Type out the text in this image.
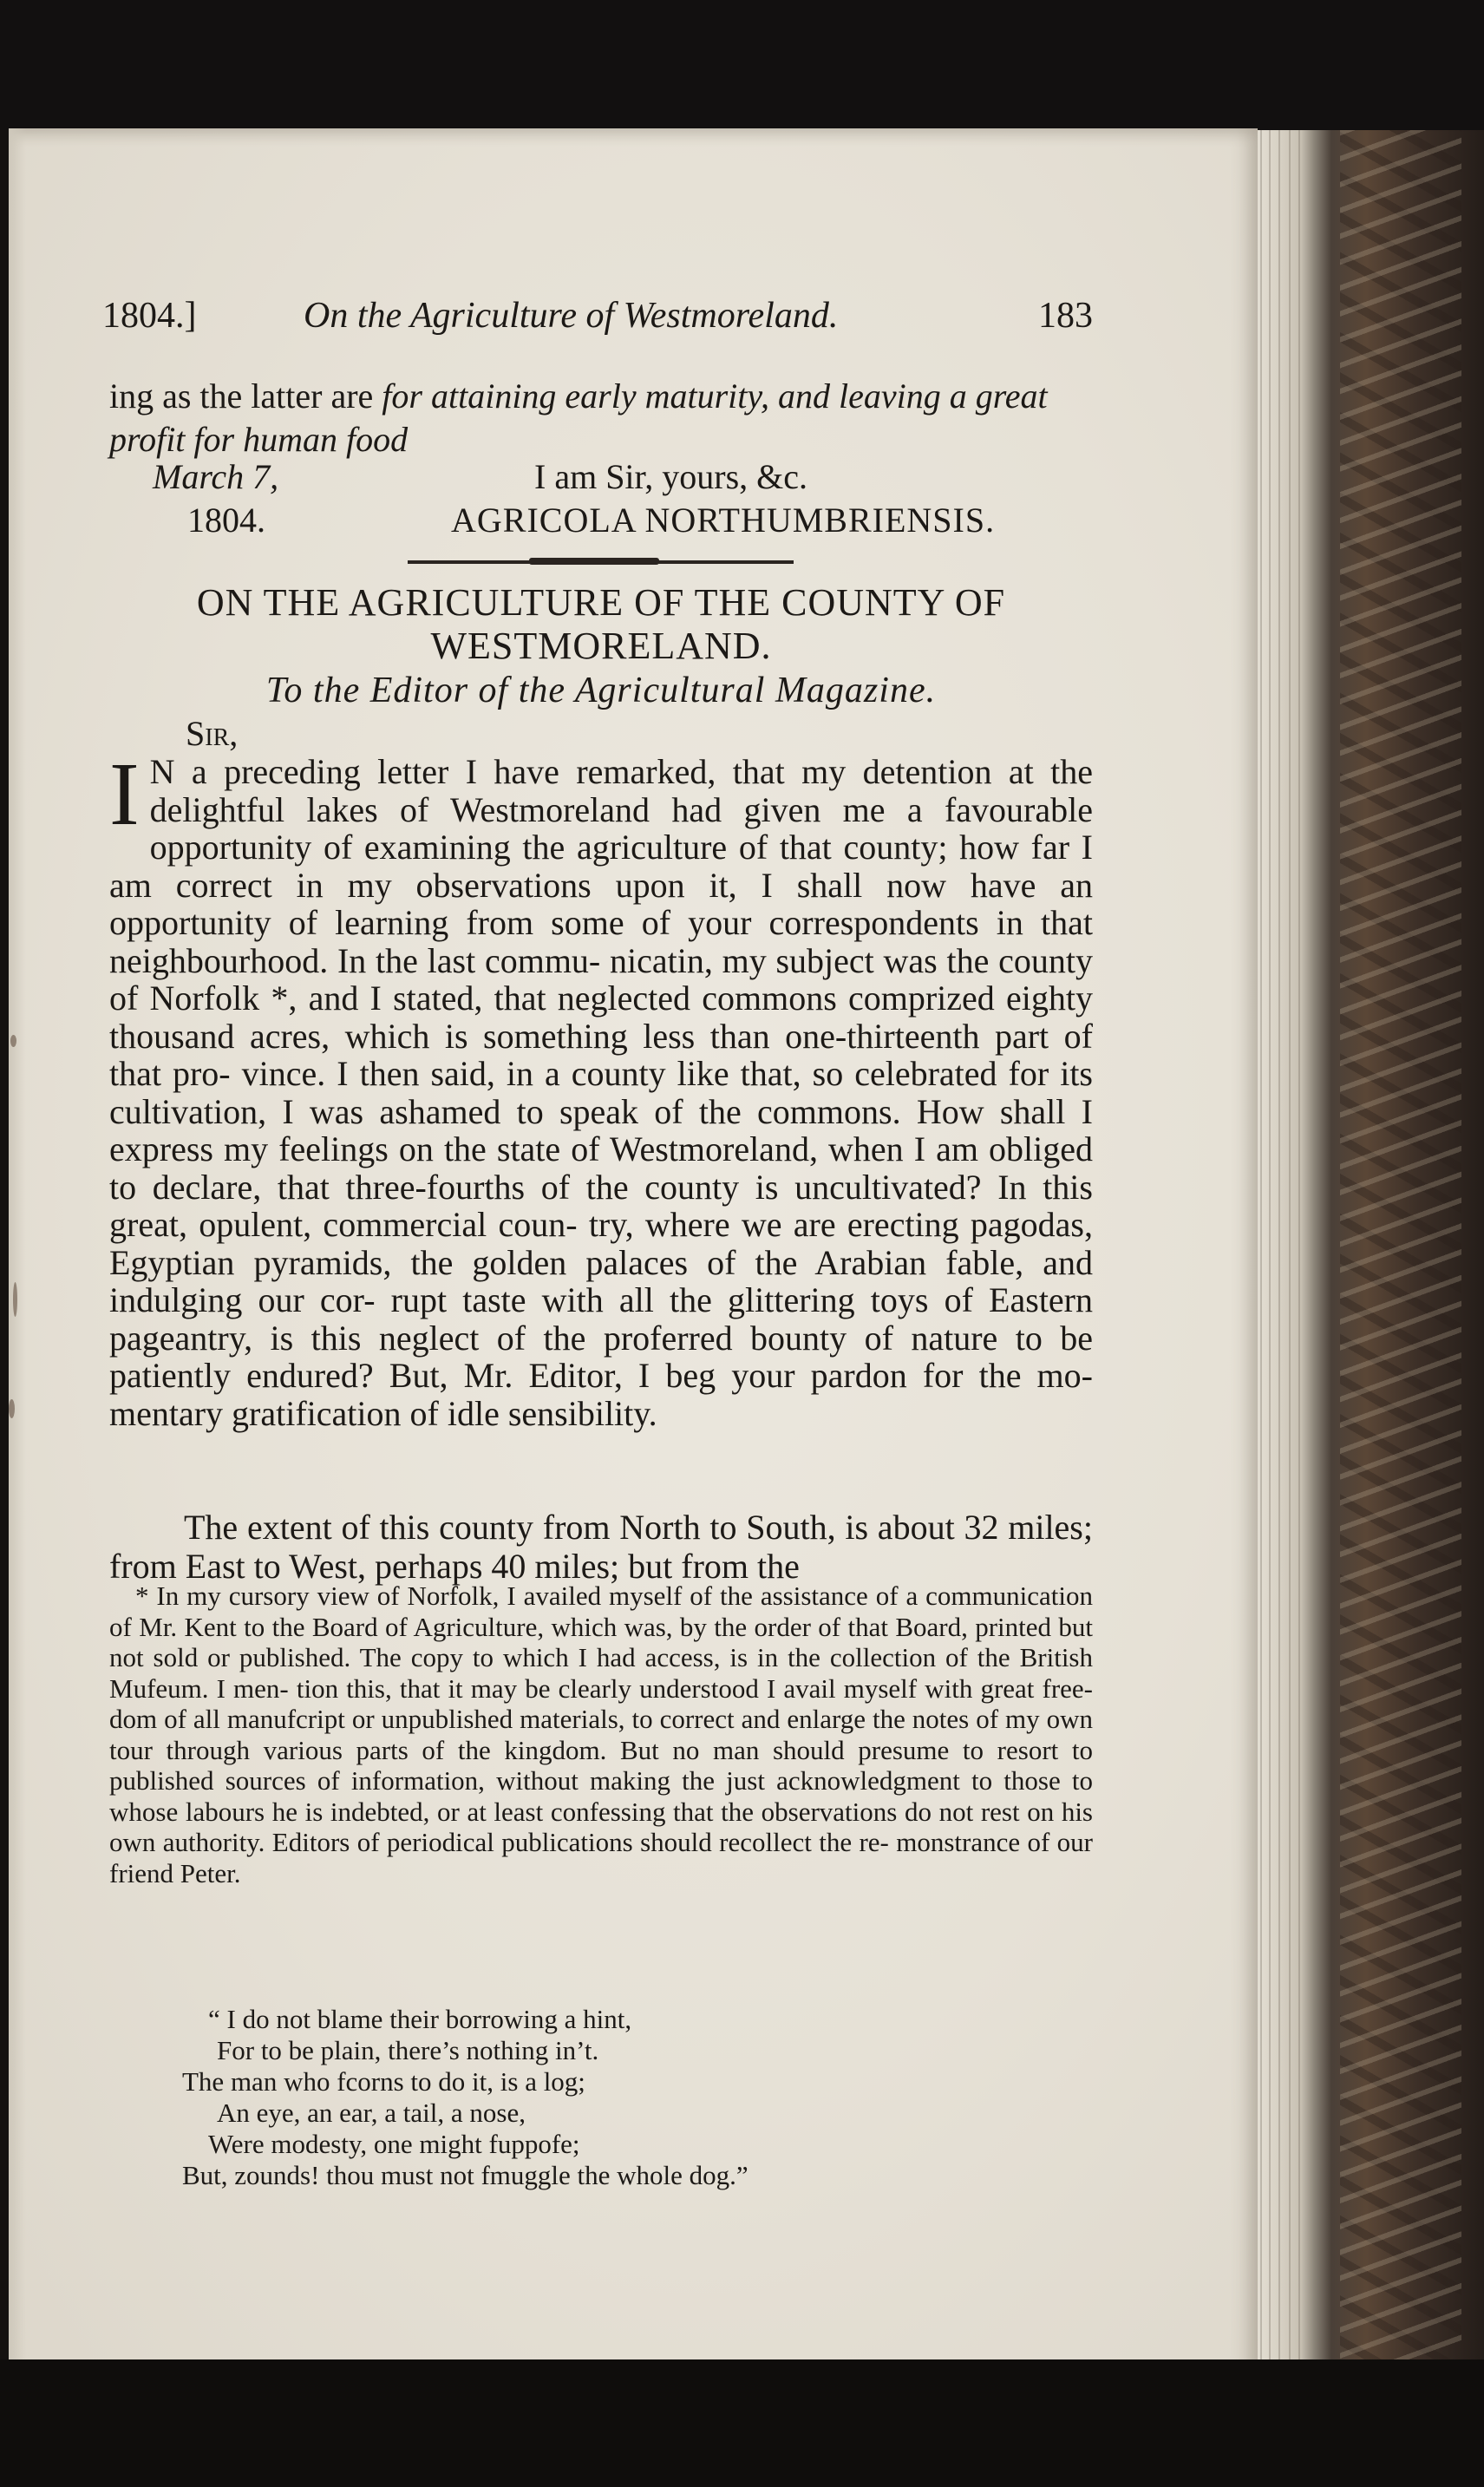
1804.]	On the Agriculture of Westmoreland.	183

ing as the latter are for attaining early maturity, and leaving a great profit for human food

March 7,	I am Sir, yours, &c.
1804.	AGRICOLA NORTHUMBRIENSIS.
ON THE AGRICULTURE OF THE COUNTY OF
WESTMORELAND.
To the Editor of the Agricultural Magazine.
Sir,

I N a preceding letter I have remarked, that my detention at the delightful lakes of Westmoreland had given me a favourable opportunity of examining the agriculture of that county; how far I am correct in my observations upon it, I shall now have an opportunity of learning from some of your correspondents in that neighbourhood. In the last commu- nicatin, my subject was the county of Norfolk *, and I stated, that neglected commons comprized eighty thousand acres, which is something less than one-thirteenth part of that pro- vince. I then said, in a county like that, so celebrated for its cultivation, I was ashamed to speak of the commons. How shall I express my feelings on the state of Westmoreland, when I am obliged to declare, that three-fourths of the county is uncultivated? In this great, opulent, commercial coun- try, where we are erecting pagodas, Egyptian pyramids, the golden palaces of the Arabian fable, and indulging our cor- rupt taste with all the glittering toys of Eastern pageantry, is this neglect of the proferred bounty of nature to be patiently endured? But, Mr. Editor, I beg your pardon for the mo- mentary gratification of idle sensibility.

The extent of this county from North to South, is about 32 miles; from East to West, perhaps 40 miles; but from the

* In my cursory view of Norfolk, I availed myself of the assistance of a communication of Mr. Kent to the Board of Agriculture, which was, by the order of that Board, printed but not sold or published. The copy to which I had access, is in the collection of the British Mufeum. I men- tion this, that it may be clearly understood I avail myself with great free- dom of all manufcript or unpublished materials, to correct and enlarge the notes of my own tour through various parts of the kingdom. But no man should presume to resort to published sources of information, without making the just acknowledgment to those to whose labours he is indebted, or at least confessing that the observations do not rest on his own authority. Editors of periodical publications should recollect the re- monstrance of our friend Peter.

“ I do not blame their borrowing a hint,
For to be plain, there’s nothing in’t.
The man who fcorns to do it, is a log;
An eye, an ear, a tail, a nose,
Were modesty, one might fuppofe;
But, zounds! thou must not fmuggle the whole dog.”
